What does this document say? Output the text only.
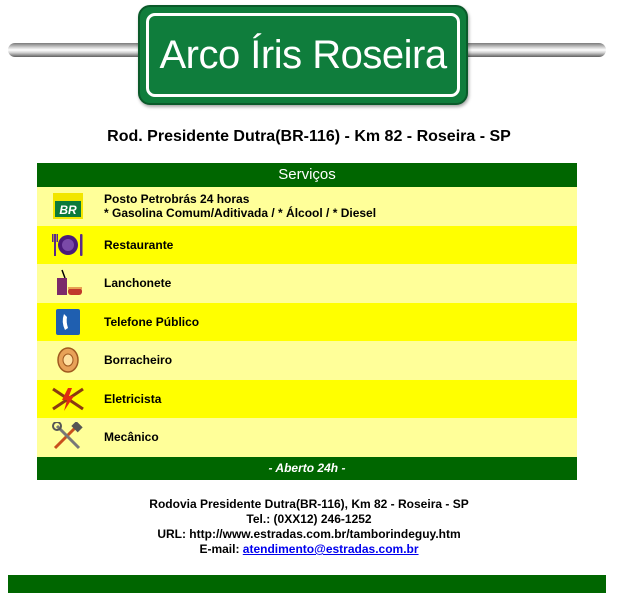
Arco Íris Roseira
Rod. Presidente Dutra(BR-116) - Km 82 - Roseira - SP
Serviços
BR
Posto Petrobrás 24 horas
* Gasolina Comum/Aditivada / * Álcool / * Diesel
Restaurante
Lanchonete
Telefone Público
Borracheiro
Eletricista
Mecânico
- Aberto 24h -
Rodovia Presidente Dutra(BR-116), Km 82 - Roseira - SP
Tel.: (0XX12) 246-1252
URL: http://www.estradas.com.br/tamborindeguy.htm
E-mail: atendimento@estradas.com.br
